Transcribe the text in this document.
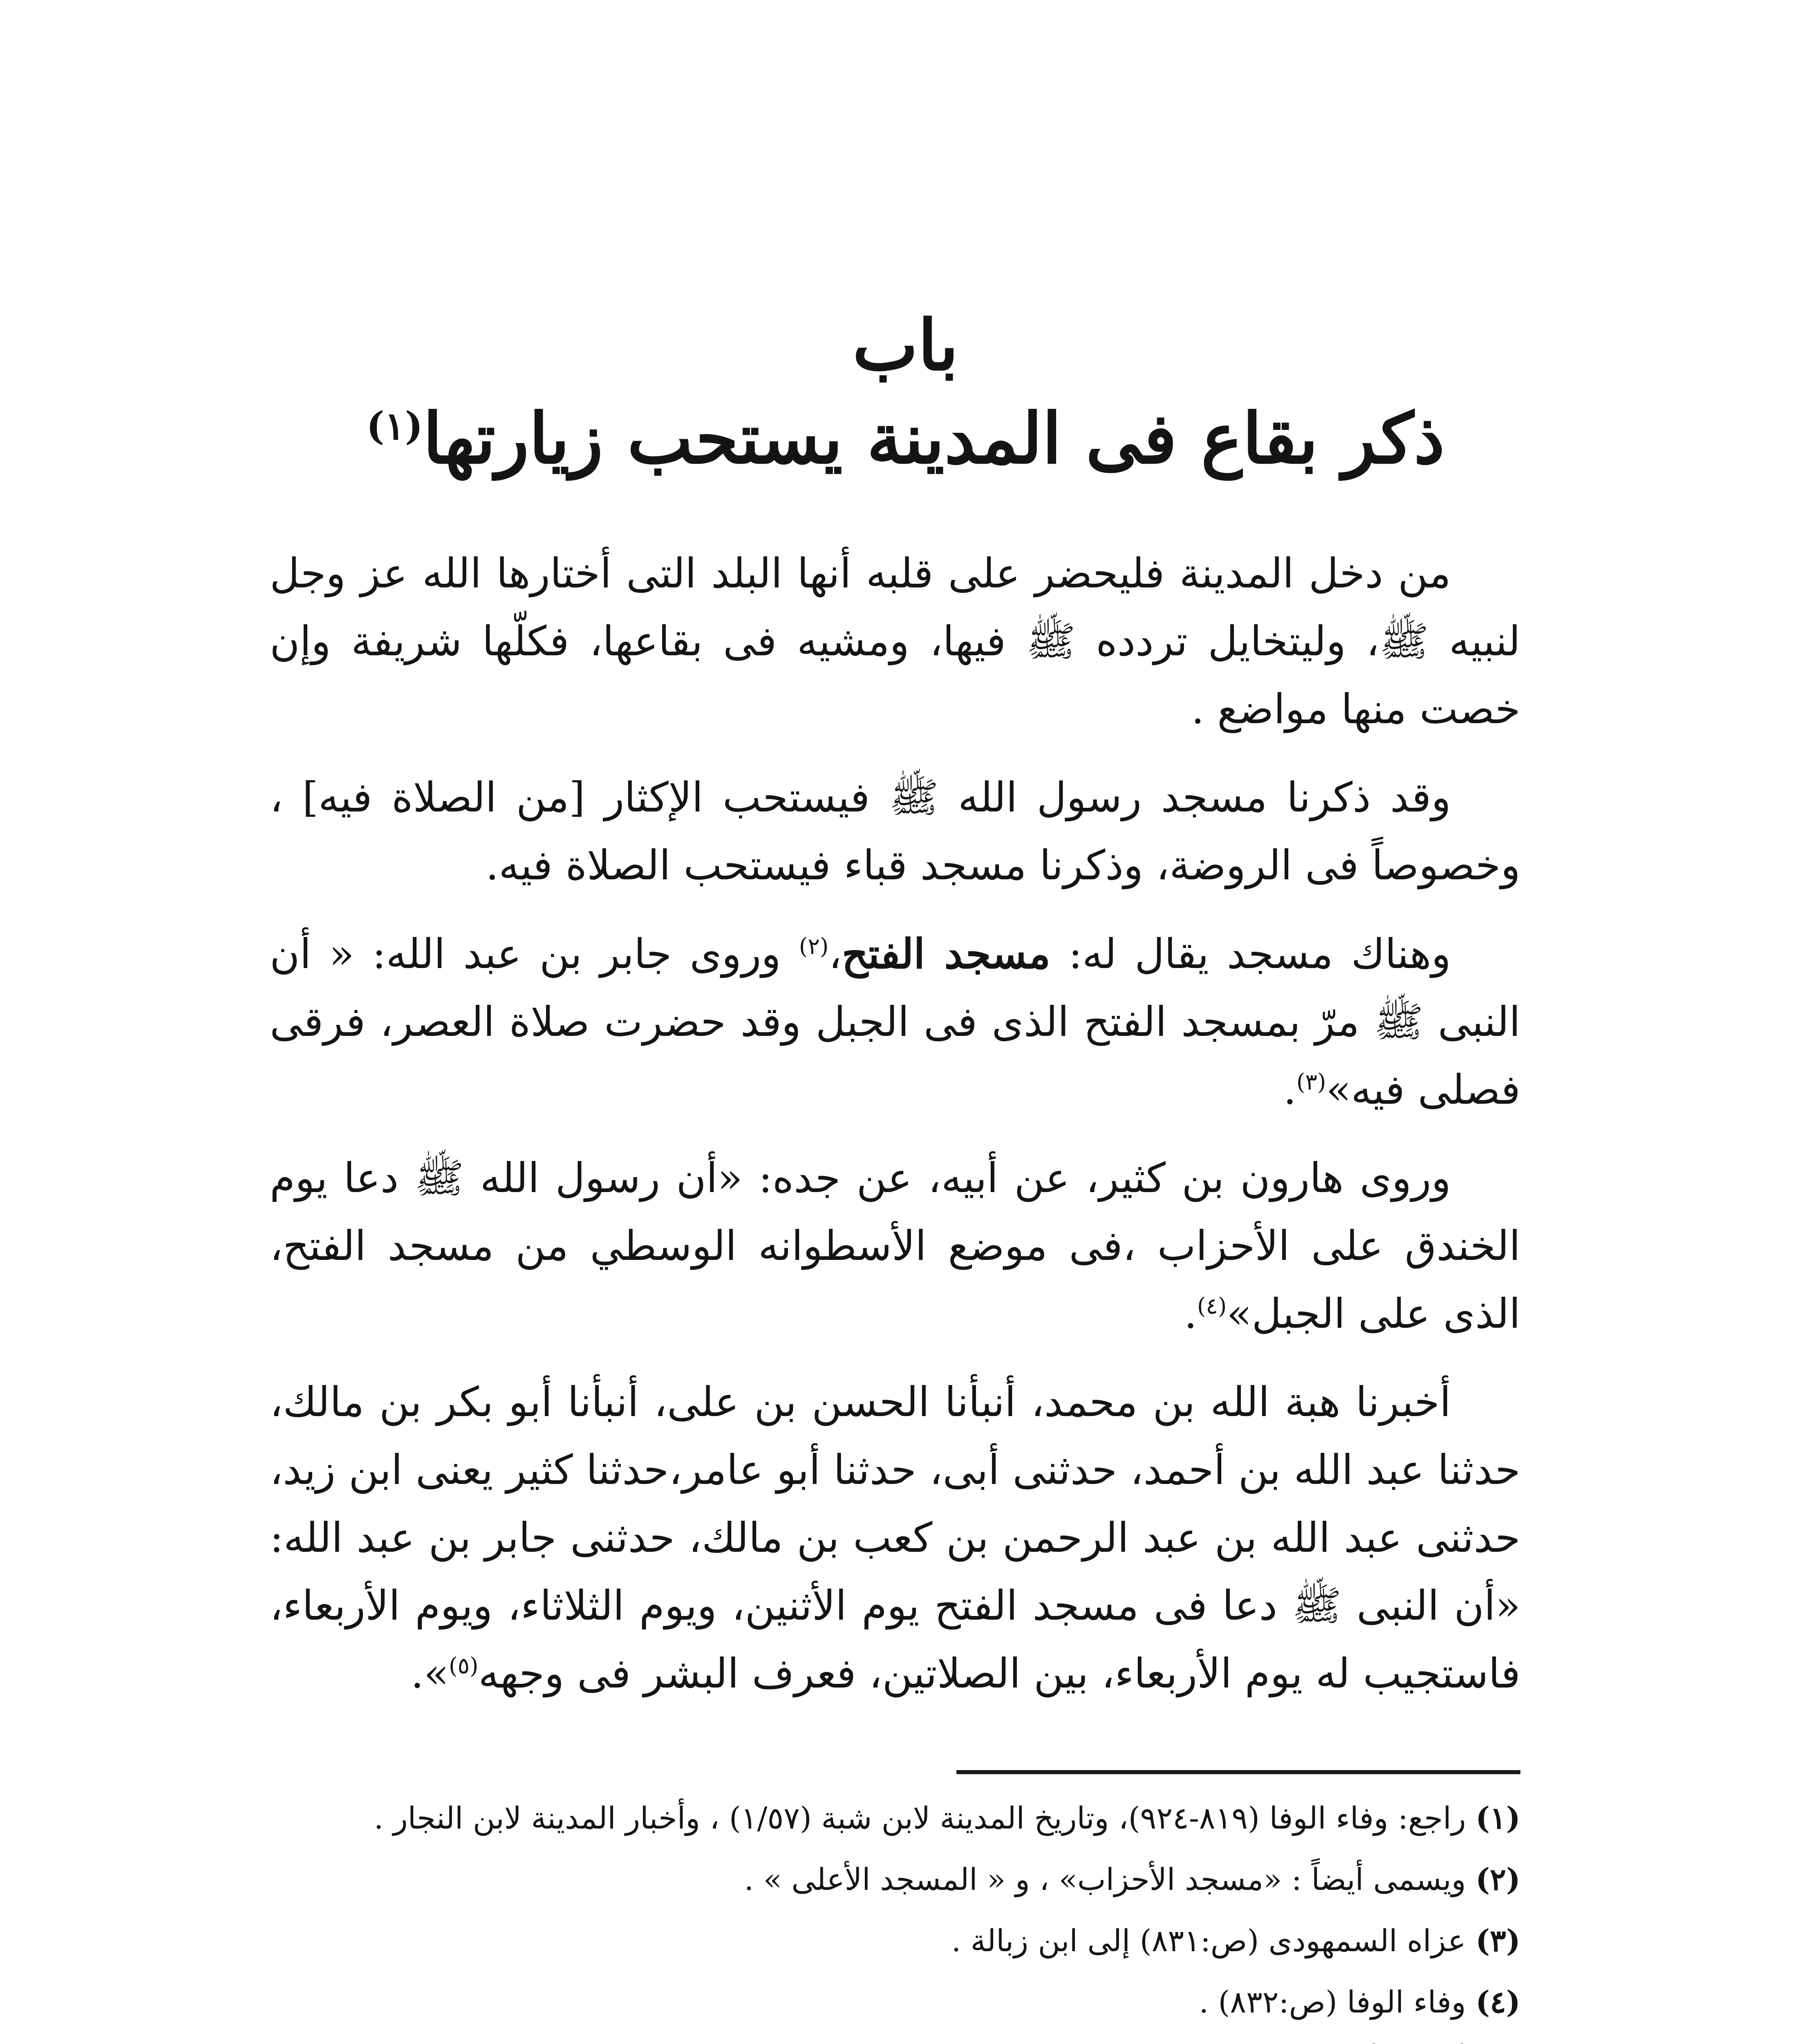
باب
ذكر بقاع فى المدينة يستحب زيارتها$^{(١)}$

من دخل المدينة فليحضر على قلبه أنها البلد التى أختارها الله عز وجل لنبيه ﷺ، وليتخايل تردده ﷺ فيها، ومشيه فى بقاعها، فكلّها شريفة وإن خصت منها مواضع .

وقد ذكرنا مسجد رسول الله ﷺ فيستحب الإكثار [من الصلاة فيه] ، وخصوصاً فى الروضة، وذكرنا مسجد قباء فيستحب الصلاة فيه.

وهناك مسجد يقال له: مسجد الفتح،$^{(٢)}$ وروى جابر بن عبد الله: « أن النبى ﷺ مرّ بمسجد الفتح الذى فى الجبل وقد حضرت صلاة العصر، فرقى فصلى فيه»$^{(٣)}$.

وروى هارون بن كثير، عن أبيه، عن جده: «أن رسول الله ﷺ دعا يوم الخندق على الأحزاب ،فى موضع الأسطوانه الوسطي من مسجد الفتح، الذى على الجبل»$^{(٤)}$.

أخبرنا هبة الله بن محمد، أنبأنا الحسن بن على، أنبأنا أبو بكر بن مالك، حدثنا عبد الله بن أحمد، حدثنى أبى، حدثنا أبو عامر،حدثنا كثير يعنى ابن زيد، حدثنى عبد الله بن عبد الرحمن بن كعب بن مالك، حدثنى جابر بن عبد الله: «أن النبى ﷺ دعا فى مسجد الفتح يوم الأثنين، ويوم الثلاثاء، ويوم الأربعاء، فاستجيب له يوم الأربعاء، بين الصلاتين، فعرف البشر فى وجهه$^{(٥)}$».

(١) راجع: وفاء الوفا (٨١٩-٩٢٤)، وتاريخ المدينة لابن شبة (١/٥٧) ، وأخبار المدينة لابن النجار .

(٢) ويسمى أيضاً : «مسجد الأحزاب» ، و « المسجد الأعلى » .

(٣) عزاه السمهودى (ص:٨٣١) إلى ابن زبالة .

(٤) وفاء الوفا (ص:٨٣٢) .
